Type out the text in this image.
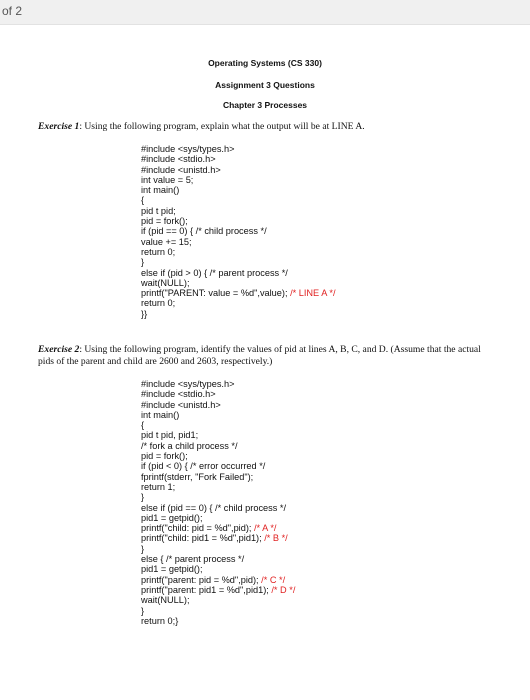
of 2
Operating Systems (CS 330)
Assignment 3 Questions
Chapter 3 Processes
Exercise 1: Using the following program, explain what the output will be at LINE A.
#include <sys/types.h>
#include <stdio.h>
#include <unistd.h>
int value = 5;
int main()
{
pid t pid;
pid = fork();
if (pid == 0) { /* child process */
value += 15;
return 0;
}
else if (pid > 0) { /* parent process */
wait(NULL);
printf("PARENT: value = %d",value); /* LINE A */
return 0;
}}
Exercise 2: Using the following program, identify the values of pid at lines A, B, C, and D. (Assume that the actual pids of the parent and child are 2600 and 2603, respectively.)
#include <sys/types.h>
#include <stdio.h>
#include <unistd.h>
int main()
{
pid t pid, pid1;
/* fork a child process */
pid = fork();
if (pid < 0) { /* error occurred */
fprintf(stderr, "Fork Failed");
return 1;
}
else if (pid == 0) { /* child process */
pid1 = getpid();
printf("child: pid = %d",pid); /* A */
printf("child: pid1 = %d",pid1); /* B */
}
else { /* parent process */
pid1 = getpid();
printf("parent: pid = %d",pid); /* C */
printf("parent: pid1 = %d",pid1); /* D */
wait(NULL);
}
return 0;}
